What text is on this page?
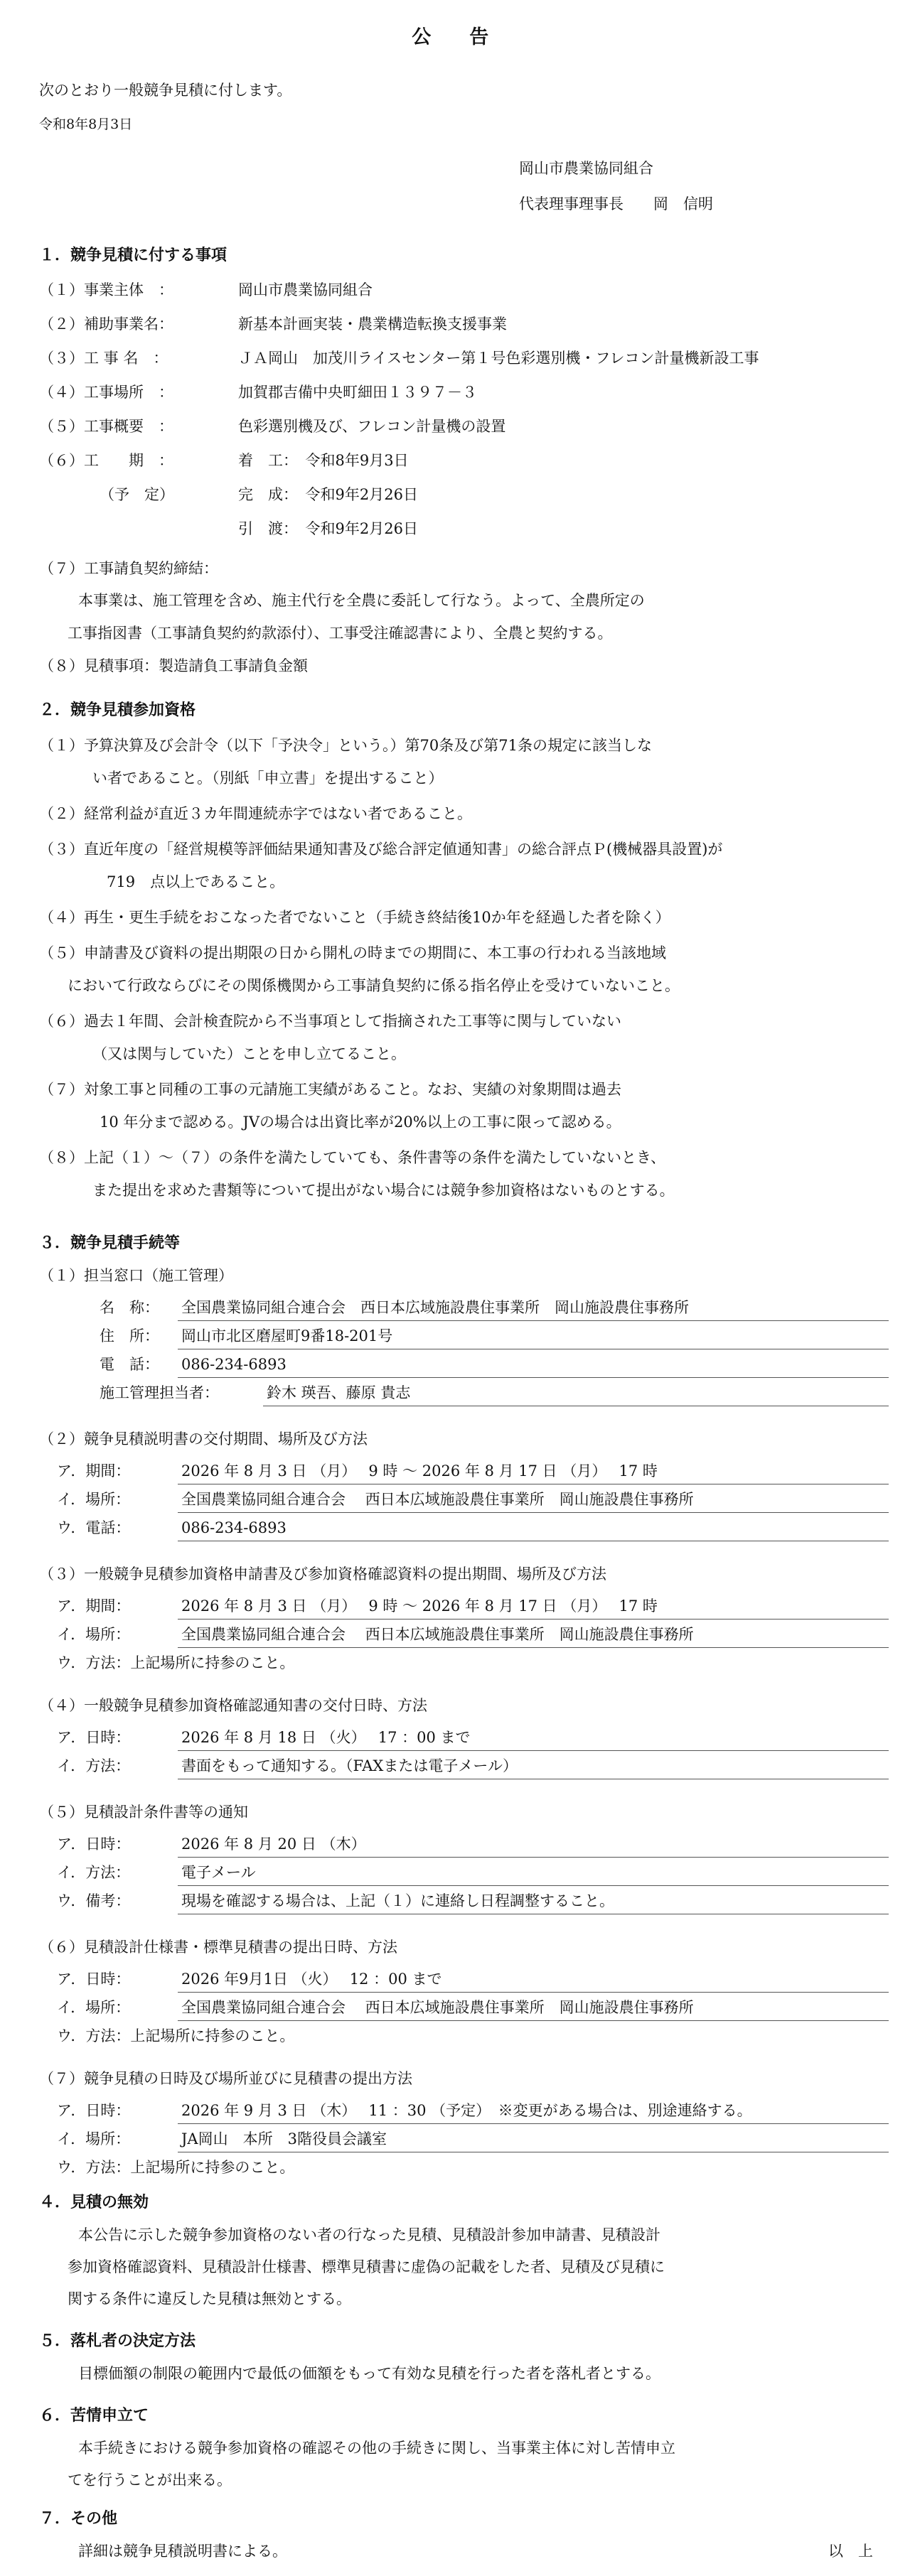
公　告
次のとおり一般競争見積に付します。
令和8年8月3日
岡山市農業協同組合
代表理事理事長　　岡　信明
１．競争見積に付する事項
（１）事業主体　：	岡山市農業協同組合
（２）補助事業名：	新基本計画実装・農業構造転換支援事業
（３）工 事 名　：	ＪＡ岡山　加茂川ライスセンター第１号色彩選別機・フレコン計量機新設工事
（４）工事場所　：	加賀郡吉備中央町細田１３９７－３
（５）工事概要　：	色彩選別機及び、フレコン計量機の設置
（６）工　　期　：	着　工：　令和8年9月3日
（予　定）	完　成：　令和9年2月26日
引　渡：　令和9年2月26日
（７）工事請負契約締結：
本事業は、施工管理を含め、施主代行を全農に委託して行なう。よって、全農所定の
工事指図書（工事請負契約約款添付）、工事受注確認書により、全農と契約する。
（８）見積事項：製造請負工事請負金額
２．競争見積参加資格
（１）予算決算及び会計令（以下「予決令」という。）第70条及び第71条の規定に該当しな
い者であること。（別紙「申立書」を提出すること）
（２）経常利益が直近３カ年間連続赤字ではない者であること。
（３）直近年度の「経営規模等評価結果通知書及び総合評定値通知書」の総合評点Ｐ(機械器具設置)が
719　点以上であること。
（４）再生・更生手続をおこなった者でないこと（手続き終結後10か年を経過した者を除く）
（５）申請書及び資料の提出期限の日から開札の時までの期間に、本工事の行われる当該地域
において行政ならびにその関係機関から工事請負契約に係る指名停止を受けていないこと。
（６）過去１年間、会計検査院から不当事項として指摘された工事等に関与していない
（又は関与していた）ことを申し立てること。
（７）対象工事と同種の工事の元請施工実績があること。なお、実績の対象期間は過去
10 年分まで認める。JVの場合は出資比率が20%以上の工事に限って認める。
（８）上記（１）～（７）の条件を満たしていても、条件書等の条件を満たしていないとき、
また提出を求めた書類等について提出がない場合には競争参加資格はないものとする。
３．競争見積手続等
（１）担当窓口（施工管理）
名　称： 全国農業協同組合連合会　西日本広域施設農住事業所　岡山施設農住事務所
住　所： 岡山市北区磨屋町9番18-201号
電　話： 086-234-6893
施工管理担当者：	鈴木 瑛吾、藤原 貴志
（２）競争見積説明書の交付期間、場所及び方法
ア．期間：	2026 年 8 月 3 日 （月）　 9 時 ～ 2026 年 8 月 17 日 （月）　 17 時
イ．場所：	全国農業協同組合連合会　 西日本広域施設農住事業所　岡山施設農住事務所
ウ．電話：	086-234-6893
（３）一般競争見積参加資格申請書及び参加資格確認資料の提出期間、場所及び方法
ア．期間：	2026 年 8 月 3 日 （月）　 9 時 ～ 2026 年 8 月 17 日 （月）　 17 時
イ．場所：	全国農業協同組合連合会　 西日本広域施設農住事業所　岡山施設農住事務所
ウ．方法：上記場所に持参のこと。
（４）一般競争見積参加資格確認通知書の交付日時、方法
ア．日時：	2026 年 8 月 18 日 （火）　 17 ：00 まで
イ．方法：	書面をもって通知する。（FAXまたは電子メール）
（５）見積設計条件書等の通知
ア．日時：	2026 年 8 月 20 日 （木）
イ．方法：	電子メール
ウ．備考：	現場を確認する場合は、上記（１）に連絡し日程調整すること。
（６）見積設計仕様書・標準見積書の提出日時、方法
ア．日時：	2026 年9月1日 （火）　 12 ：00 まで
イ．場所：	全国農業協同組合連合会　 西日本広域施設農住事業所　岡山施設農住事務所
ウ．方法：上記場所に持参のこと。
（７）競争見積の日時及び場所並びに見積書の提出方法
ア．日時：	2026 年 9 月 3 日 （木）　 11 ：30 （予定）　※変更がある場合は、別途連絡する。
イ．場所：	JA岡山　本所　3階役員会議室
ウ．方法：上記場所に持参のこと。
４．見積の無効
本公告に示した競争参加資格のない者の行なった見積、見積設計参加申請書、見積設計
参加資格確認資料、見積設計仕様書、標準見積書に虚偽の記載をした者、見積及び見積に
関する条件に違反した見積は無効とする。
５．落札者の決定方法
目標価額の制限の範囲内で最低の価額をもって有効な見積を行った者を落札者とする。
６．苦情申立て
本手続きにおける競争参加資格の確認その他の手続きに関し、当事業主体に対し苦情申立
てを行うことが出来る。
７．その他
詳細は競争見積説明書による。	以　上
